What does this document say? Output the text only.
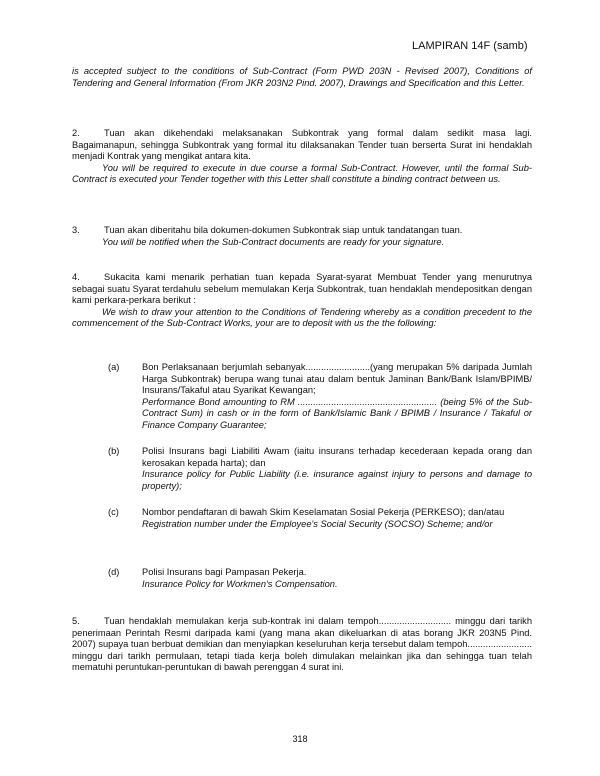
LAMPIRAN 14F (samb)
is accepted subject to the conditions of Sub-Contract (Form PWD 203N - Revised 2007), Conditions of Tendering and General Information (From JKR 203N2 Pind. 2007), Drawings and Specification and this Letter.

2.	Tuan akan dikehendaki melaksanakan Subkontrak yang formal dalam sedikit masa lagi. Bagaimanapun, sehingga Subkontrak yang formal itu dilaksanakan Tender tuan berserta Surat ini hendaklah menjadi Kontrak yang mengikat antara kita.

You will be required to execute in due course a formal Sub-Contract. However, until the formal Sub-Contract is executed your Tender together with this Letter shall constitute a binding contract between us.

3.	Tuan akan diberitahu bila dokumen-dokumen Subkontrak siap untuk tandatangan tuan.

You will be notified when the Sub-Contract documents are ready for your signature.

4.	Sukacita kami menarik perhatian tuan kepada Syarat-syarat Membuat Tender yang menurutnya sebagai suatu Syarat terdahulu sebelum memulakan Kerja Subkontrak, tuan hendaklah mendepositkan dengan kami perkara-perkara berikut :

We wish to draw your attention to the Conditions of Tendering whereby as a condition precedent to the commencement of the Sub-Contract Works, your are to deposit with us the the following:

(a)	Bon Perlaksanaan berjumlah sebanyak.........................(yang merupakan 5% daripada Jumlah Harga Subkontrak) berupa wang tunai atau dalam bentuk Jaminan Bank/Bank Islam/BPIMB/ Insurans/Takaful atau Syarikat Kewangan;

Performance Bond amounting to RM ...................................................... (being 5% of the Sub-Contract Sum) in cash or in the form of Bank/Islamic Bank / BPIMB / Insurance / Takaful or Finance Company Guarantee;

(b)	Polisi Insurans bagi Liabiliti Awam (iaitu insurans terhadap kecederaan kepada orang dan kerosakan kepada harta); dan

Insurance policy for Public Liability (i.e. insurance against injury to persons and damage to property);

(c)	Nombor pendaftaran di bawah Skim Keselamatan Sosial Pekerja (PERKESO); dan/atau

Registration number under the Employee's Social Security (SOCSO) Scheme; and/or

(d)	Polisi Insurans bagi Pampasan Pekerja.

Insurance Policy for Workmen's Compensation.

5.	Tuan hendaklah memulakan kerja sub-kontrak ini dalam tempoh............................ minggu dari tarikh penerimaan Perintah Resmi daripada kami (yang mana akan dikeluarkan di atas borang JKR 203N5 Pind. 2007) supaya tuan berbuat demikian dan menyiapkan keseluruhan kerja tersebut dalam tempoh......................... minggu dari tarikh permulaan, tetapi tiada kerja boleh dimulakan melainkan jika dan sehingga tuan telah mematuhi peruntukan-peruntukan di bawah perenggan 4 surat ini.

318
